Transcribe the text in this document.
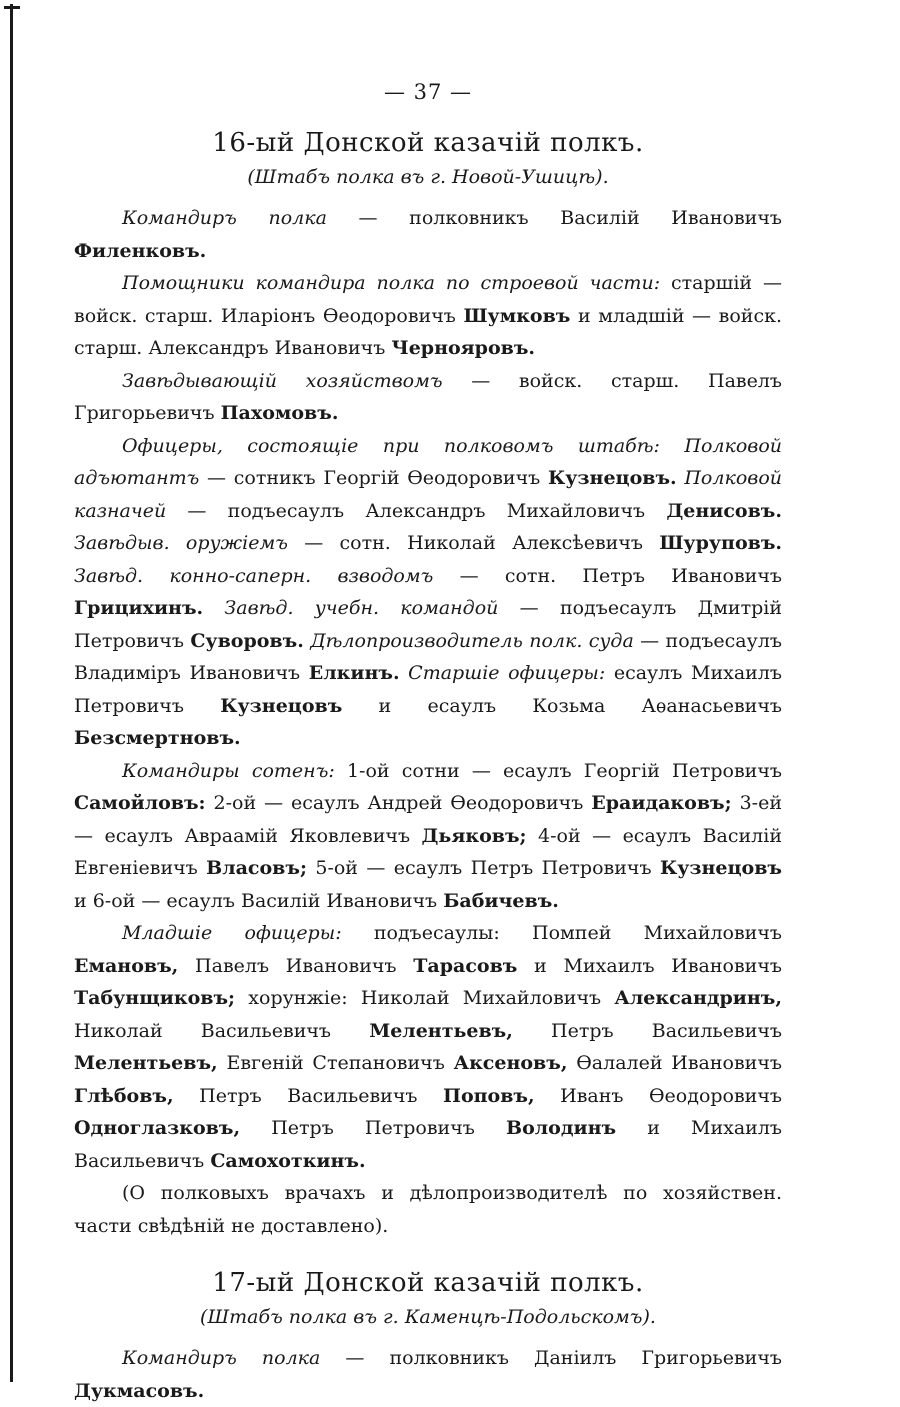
— 37 —
16-ый Донской казачій полкъ.
(Штабъ полка въ г. Новой-Ушицѣ).

Командиръ полка — полковникъ Василій Ивановичъ Филенковъ.

Помощники командира полка по строевой части: старшій — войск. старш. Иларіонъ Ѳеодоровичъ Шумковъ и младшій — войск. старш. Александръ Ивановичъ Чернояровъ.

Завѣдывающій хозяйствомъ — войск. старш. Павелъ Григорьевичъ Пахомовъ.

Офицеры, состоящіе при полковомъ штабѣ: Полковой адъютантъ — сотникъ Георгій Ѳеодоровичъ Кузнецовъ. Полковой казначей — подъесаулъ Александръ Михайловичъ Денисовъ. Завѣдыв. оружіемъ — сотн. Николай Алексѣевичъ Шуруповъ. Завѣд. конно-саперн. взводомъ — сотн. Петръ Ивановичъ Грицихинъ. Завѣд. учебн. командой — подъесаулъ Дмитрій Петровичъ Суворовъ. Дѣлопроизводитель полк. суда — подъесаулъ Владиміръ Ивановичъ Елкинъ. Старшіе офицеры: есаулъ Михаилъ Петровичъ Кузнецовъ и есаулъ Козьма Аѳанасьевичъ Безсмертновъ.

Командиры сотенъ: 1-ой сотни — есаулъ Георгій Петровичъ Самойловъ: 2-ой — есаулъ Андрей Ѳеодоровичъ Ераидаковъ; 3-ей — есаулъ Авраамій Яковлевичъ Дьяковъ; 4-ой — есаулъ Василій Евгеніевичъ Власовъ; 5-ой — есаулъ Петръ Петровичъ Кузнецовъ и 6-ой — есаулъ Василій Ивановичъ Бабичевъ.

Младшіе офицеры: подъесаулы: Помпей Михайловичъ Емановъ, Павелъ Ивановичъ Тарасовъ и Михаилъ Ивановичъ Табунщиковъ; хорунжіе: Николай Михайловичъ Александринъ, Николай Васильевичъ Мелентьевъ, Петръ Васильевичъ Мелентьевъ, Евгеній Степановичъ Аксеновъ, Ѳалалей Ивановичъ Глѣбовъ, Петръ Васильевичъ Поповъ, Иванъ Ѳеодоровичъ Одноглазковъ, Петръ Петровичъ Володинъ и Михаилъ Васильевичъ Самохоткинъ.

(О полковыхъ врачахъ и дѣлопроизводителѣ по хозяйствен. части свѣдѣній не доставлено).

17-ый Донской казачій полкъ.
(Штабъ полка въ г. Каменцѣ-Подольскомъ).

Командиръ полка — полковникъ Даніилъ Григорьевичъ Дукмасовъ.
